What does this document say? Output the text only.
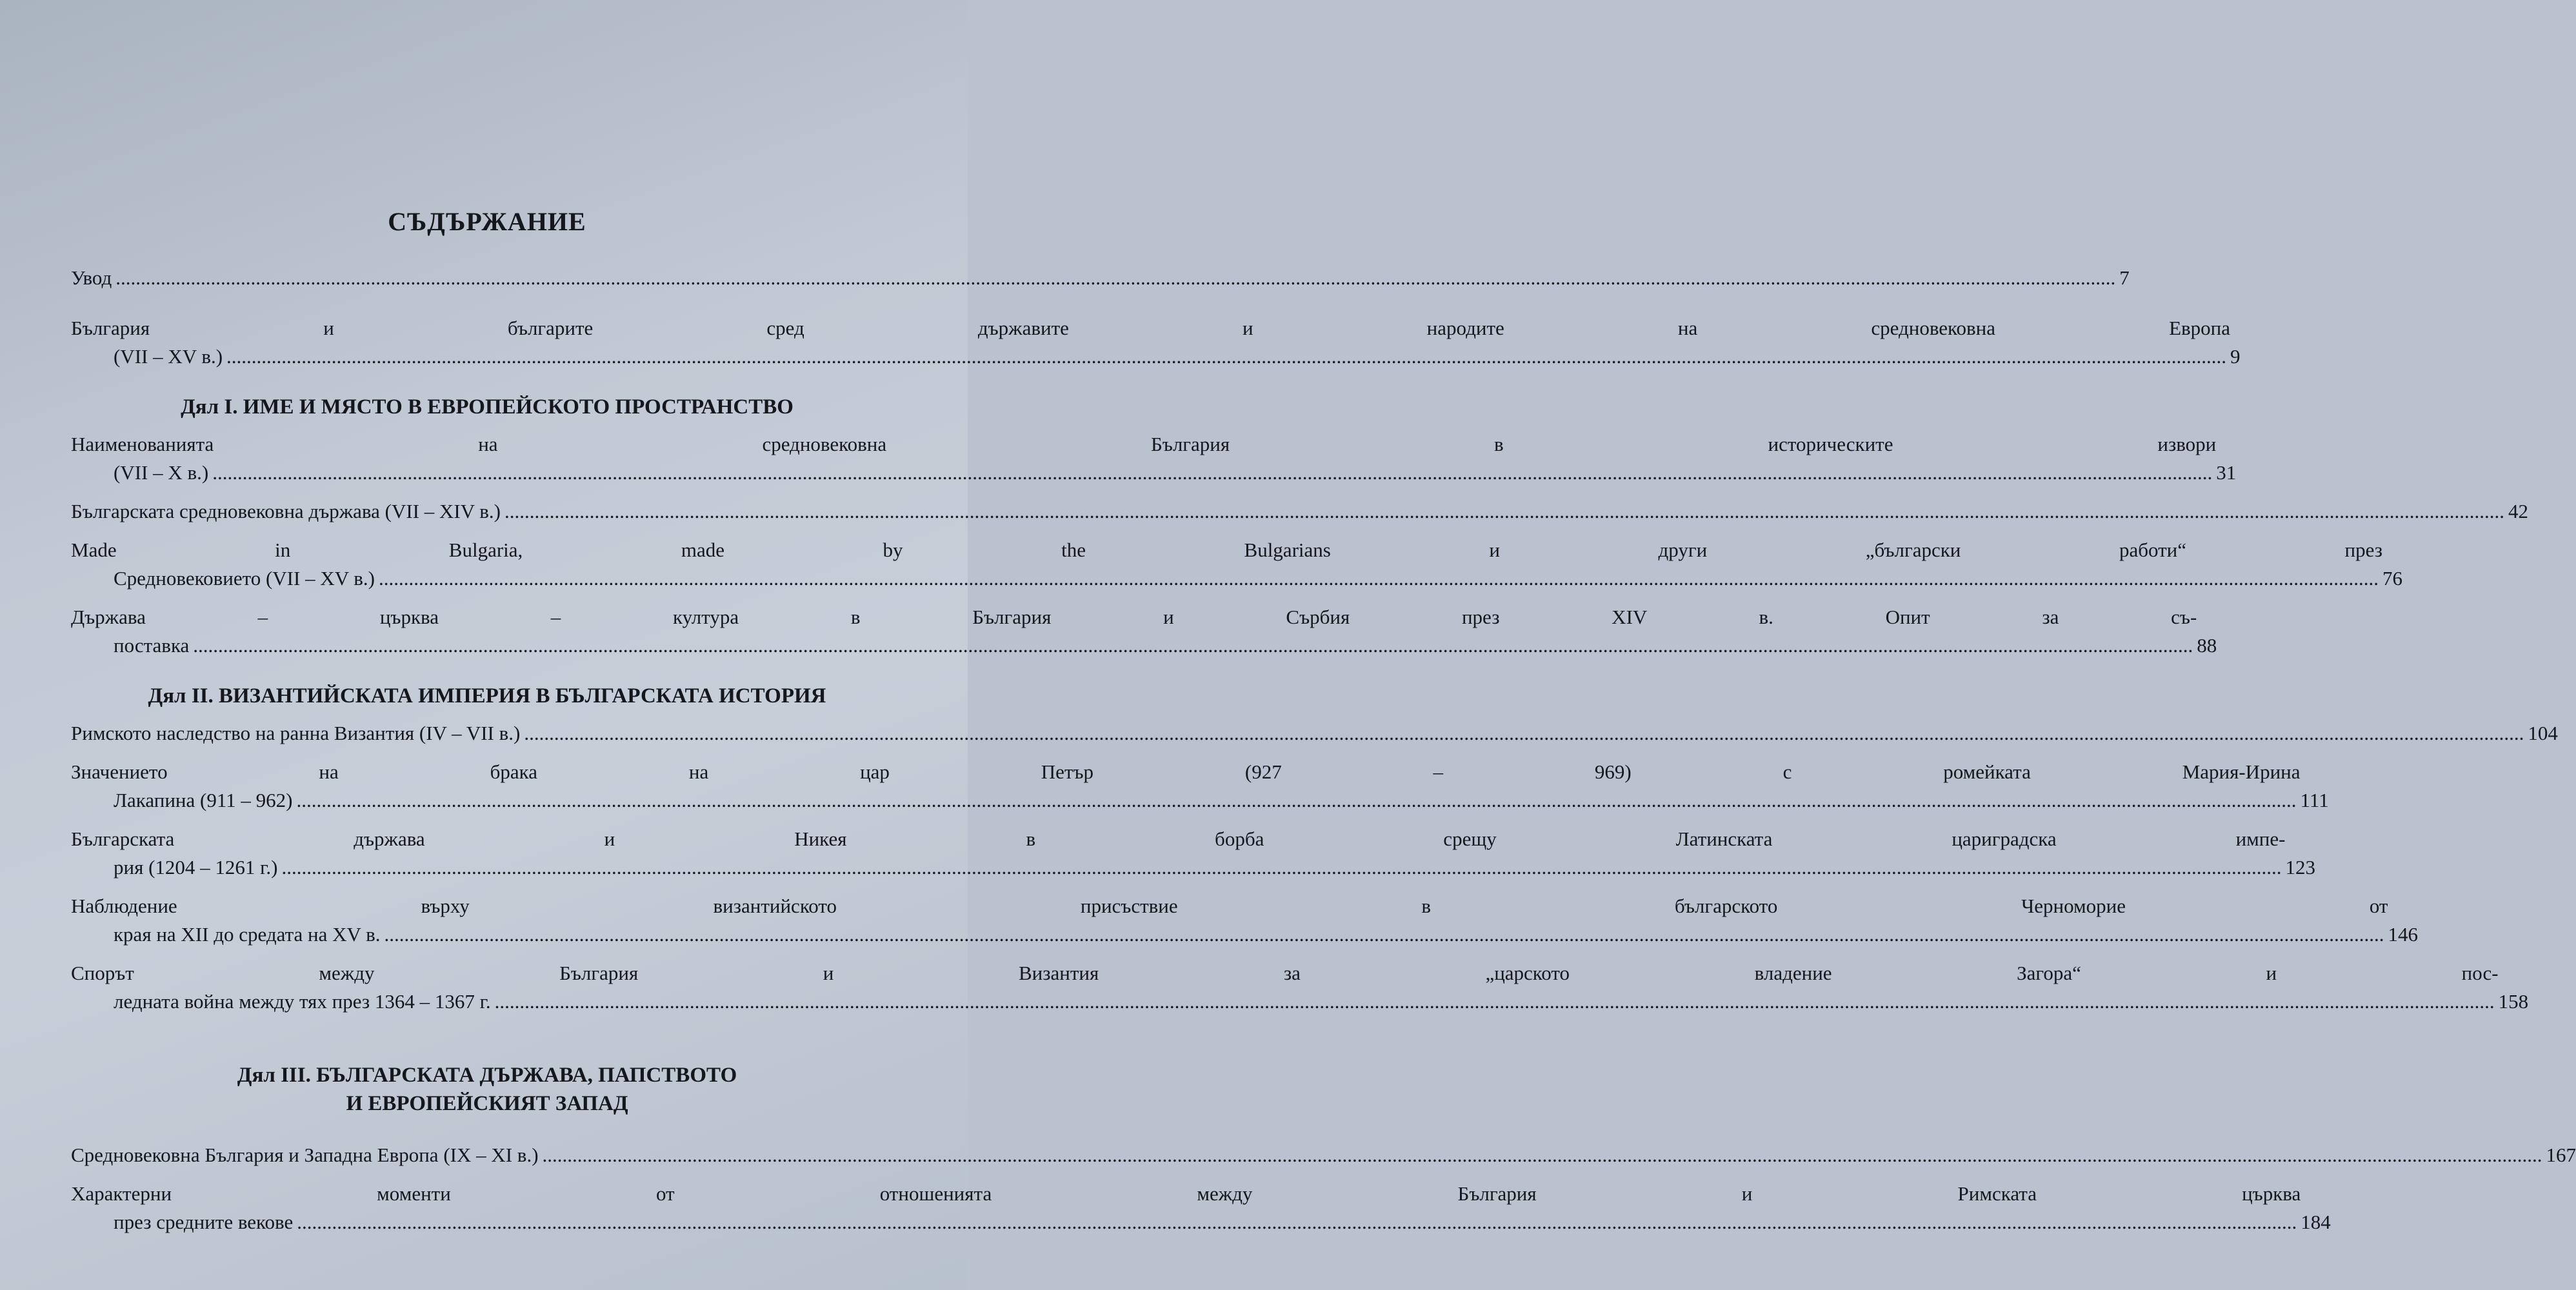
⁠ ⁠ ⁠ ⁠ ⁠ ⁠ ⁠ ⁠ ⁠ ⁠ ⁠ ⁠ ⁠ ⁠ ⁠ ⁠ ⁠
СЪДЪРЖАНИЕ
Увод ................................................................................................................................................................................................................................................................................................................................................................................................................ 7
България и българите сред държавите и народите на средновековна Европа
(VII – XV в.) ................................................................................................................................................................................................................................................................................................................................................................................................................ 9
Дял I. ИМЕ И МЯСТО В ЕВРОПЕЙСКОТО ПРОСТРАНСТВО
Наименованията на средновековна България в историческите извори
(VII – X в.) ................................................................................................................................................................................................................................................................................................................................................................................................................ 31
Българската средновековна държава (VII – XIV в.) ................................................................................................................................................................................................................................................................................................................................................................................................................ 42
Made in Bulgaria, made by the Bulgarians и други „български работи“ през
Средновековието (VII – XV в.) ................................................................................................................................................................................................................................................................................................................................................................................................................ 76
Държава – църква – култура в България и Сърбия през XIV в. Опит за съ-
поставка ................................................................................................................................................................................................................................................................................................................................................................................................................ 88
Дял II. ВИЗАНТИЙСКАТА ИМПЕРИЯ В БЪЛГАРСКАТА ИСТОРИЯ
Римското наследство на ранна Византия (IV – VII в.) ................................................................................................................................................................................................................................................................................................................................................................................................................ 104
Значението на брака на цар Петър (927 – 969) с ромейката Мария-Ирина
Лакапина (911 – 962) ................................................................................................................................................................................................................................................................................................................................................................................................................ 111
Българската държава и Никея в борба срещу Латинската цариградска импе-
рия (1204 – 1261 г.) ................................................................................................................................................................................................................................................................................................................................................................................................................ 123
Наблюдение върху византийското присъствие в българското Черноморие от
края на XII до средата на XV в. ................................................................................................................................................................................................................................................................................................................................................................................................................ 146
Спорът между България и Византия за „царското владение Загора“ и пос-
ледната война между тях през 1364 – 1367 г. ................................................................................................................................................................................................................................................................................................................................................................................................................ 158
Дял III. БЪЛГАРСКАТА ДЪРЖАВА, ПАПСТВОТО
И ЕВРОПЕЙСКИЯТ ЗАПАД
Средновековна България и Западна Европа (IX – XI в.) ................................................................................................................................................................................................................................................................................................................................................................................................................ 167
Характерни моменти от отношенията между България и Римската църква
през средните векове ................................................................................................................................................................................................................................................................................................................................................................................................................ 184
